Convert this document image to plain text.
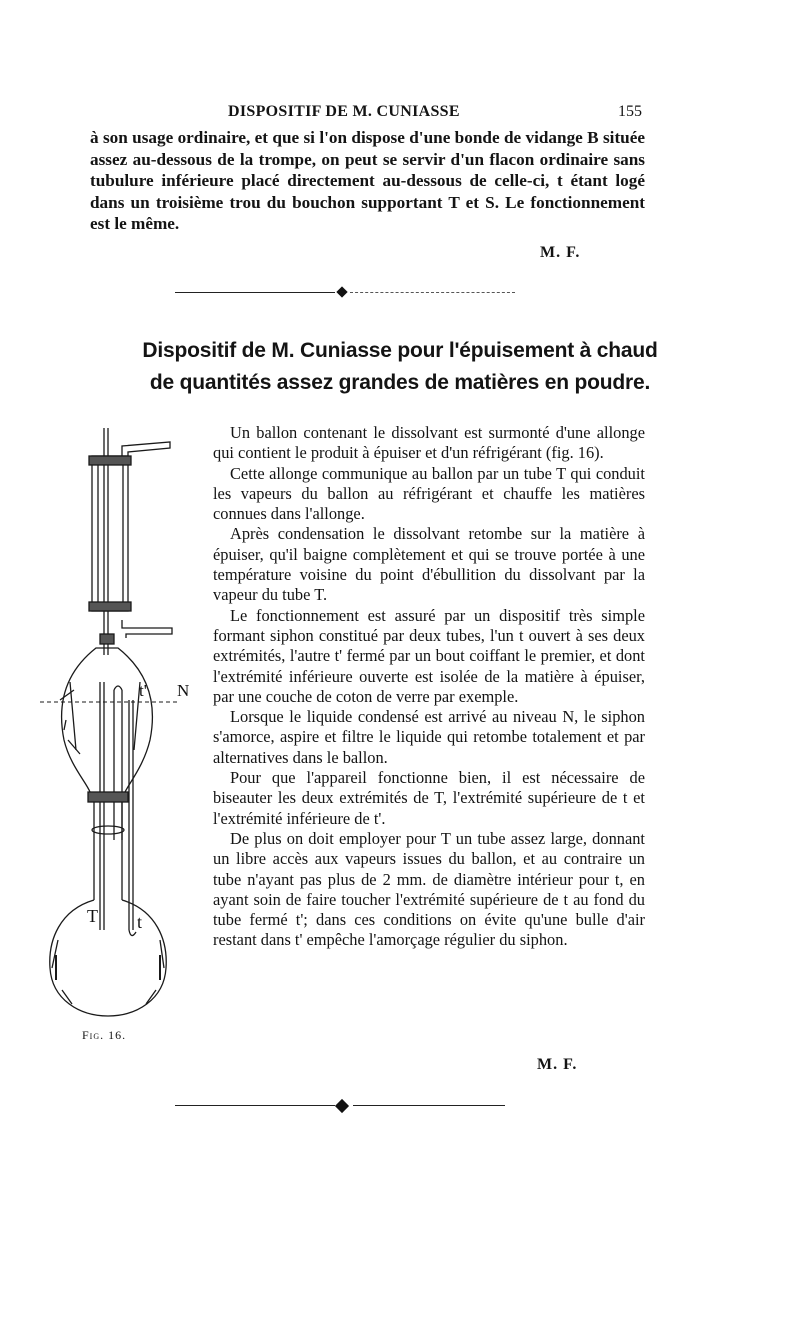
DISPOSITIF DE M. CUNIASSE	155
à son usage ordinaire, et que si l'on dispose d'une bonde de vidange B située assez au-dessous de la trompe, on peut se servir d'un flacon ordinaire sans tubulure inférieure placé directement au-dessous de celle-ci, t étant logé dans un troisième trou du bouchon supportant T et S. Le fonctionnement est le même.
M. F.
Dispositif de M. Cuniasse pour l'épuisement à chaud
de quantités assez grandes de matières en poudre.
t' N
T t
Fig. 16.

Un ballon contenant le dissolvant est surmonté d'une allonge qui contient le produit à épuiser et d'un réfrigérant (fig. 16).

Cette allonge communique au ballon par un tube T qui conduit les vapeurs du ballon au réfrigérant et chauffe les matières connues dans l'allonge.

Après condensation le dissolvant retombe sur la matière à épuiser, qu'il baigne complètement et qui se trouve portée à une température voisine du point d'ébullition du dissolvant par la vapeur du tube T.

Le fonctionnement est assuré par un dispositif très simple formant siphon constitué par deux tubes, l'un t ouvert à ses deux extrémités, l'autre t' fermé par un bout coiffant le premier, et dont l'extrémité inférieure ouverte est isolée de la matière à épuiser, par une couche de coton de verre par exemple.

Lorsque le liquide condensé est arrivé au niveau N, le siphon s'amorce, aspire et filtre le liquide qui retombe totalement et par alternatives dans le ballon.

Pour que l'appareil fonctionne bien, il est nécessaire de biseauter les deux extrémités de T, l'extrémité supérieure de t et l'extrémité inférieure de t'.

De plus on doit employer pour T un tube assez large, donnant un libre accès aux vapeurs issues du ballon, et au contraire un tube n'ayant pas plus de 2 mm. de diamètre intérieur pour t, en ayant soin de faire toucher l'extrémité supérieure de t au fond du tube fermé t'; dans ces conditions on évite qu'une bulle d'air restant dans t' empêche l'amorçage régulier du siphon.

M. F.
